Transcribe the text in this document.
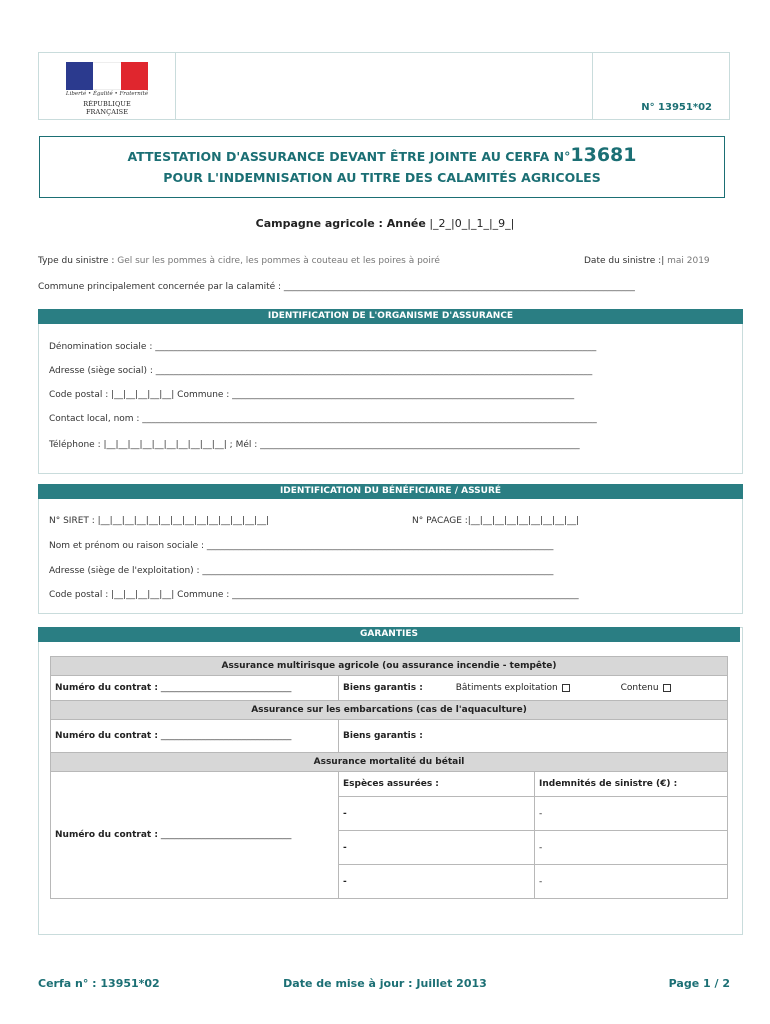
Liberté • Égalité • Fraternité
RÉPUBLIQUE FRANÇAISE	N° 13951*02
ATTESTATION D'ASSURANCE DEVANT ÊTRE JOINTE AU CERFA N°13681
POUR L'INDEMNISATION AU TITRE DES CALAMITÉS AGRICOLES
Campagne agricole : Année |_2_|0_|_1_|_9_|
Type du sinistre : Gel sur les pommes à cidre, les pommes à couteau et les poires à poiré	Date du sinistre :| mai 2019
Commune principalement concernée par la calamité : ______________________________________________________________________________
IDENTIFICATION DE L'ORGANISME D'ASSURANCE
Dénomination sociale : __________________________________________________________________________________________________
Adresse (siège social) : _________________________________________________________________________________________________
Code postal : |__|__|__|__|__| Commune : ____________________________________________________________________________
Contact local, nom : _____________________________________________________________________________________________________
Téléphone : |__|__|__|__|__|__|__|__|__|__| ; Mél : _______________________________________________________________________
IDENTIFICATION DU BÉNÉFICIAIRE / ASSURÉ
N° SIRET : |__|__|__|__|__|__|__|__|__|__|__|__|__|__|	N° PACAGE :|__|__|__|__|__|__|__|__|__|
Nom et prénom ou raison sociale : _____________________________________________________________________________
Adresse (siège de l'exploitation) : ______________________________________________________________________________
Code postal : |__|__|__|__|__| Commune : _____________________________________________________________________________
GARANTIES
Assurance multirisque agricole (ou assurance incendie - tempête)		
Numéro du contrat : _____________________________	Biens garantis : Bâtiments exploitation Contenu	
Assurance sur les embarcations (cas de l'aquaculture)		
Numéro du contrat : _____________________________	Biens garantis :	
Assurance mortalité du bétail		
Numéro du contrat : _____________________________	Espèces assurées :	Indemnités de sinistre (€) :
	-	-
	-	-
	-	-
Cerfa n° : 13951*02	Date de mise à jour : Juillet 2013	Page 1 / 2
